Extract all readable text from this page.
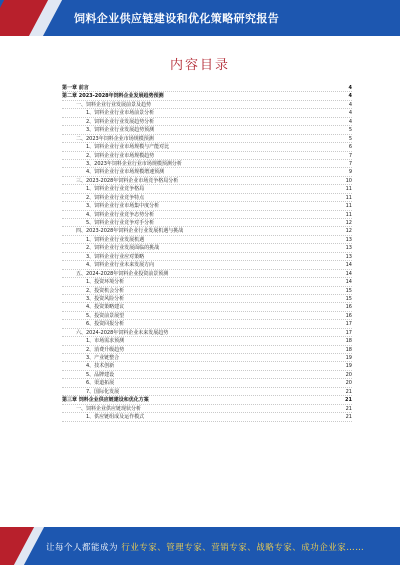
饲料企业供应链建设和优化策略研究报告
内容目录
第一章 前言	4
第二章 2023-2028年饲料企业发展趋势预测	4
一、饲料企业行业发展前景及趋势	4
1、饲料企业行业市场前景分析	4
2、饲料企业行业发展趋势分析	4
3、饲料企业行业发展趋势预测	5
二、2023年饲料企业市场规模预测	5
1、饲料企业行业市场规模与产能对比	6
2、饲料企业行业市场规模趋势	7
3、2023年饲料企业行业市场规模预测分析	7
4、饲料企业行业市场规模增速预测	9
三、2023-2028年饲料企业市场竞争格局分析	10
1、饲料企业行业竞争格局	11
2、饲料企业行业竞争特点	11
3、饲料企业行业市场集中度分析	11
4、饲料企业行业竞争态势分析	11
5、饲料企业行业竞争对手分析	12
四、2023-2028年饲料企业行业发展机遇与挑战	12
1、饲料企业行业发展机遇	13
2、饲料企业行业发展面临的挑战	13
3、饲料企业行业应对策略	13
4、饲料企业行业未来发展方向	14
五、2024-2028年饲料企业投资前景预测	14
1、投资环境分析	14
2、投资机会分析	15
3、投资风险分析	15
4、投资策略建议	16
5、投资前景展望	16
6、投资回报分析	17
六、2024-2028年饲料企业未来发展趋势	17
1、市场需求预测	18
2、消费升级趋势	18
3、产业链整合	19
4、技术创新	19
5、品牌建设	20
6、渠道拓展	20
7、国际化发展	21
第三章 饲料企业供应链建设和优化方案	21
一、饲料企业供应链现状分析	21
1、供应链组成及运作模式	21
让每个人都能成为 行业专家、管理专家、营销专家、战略专家、成功企业家……
